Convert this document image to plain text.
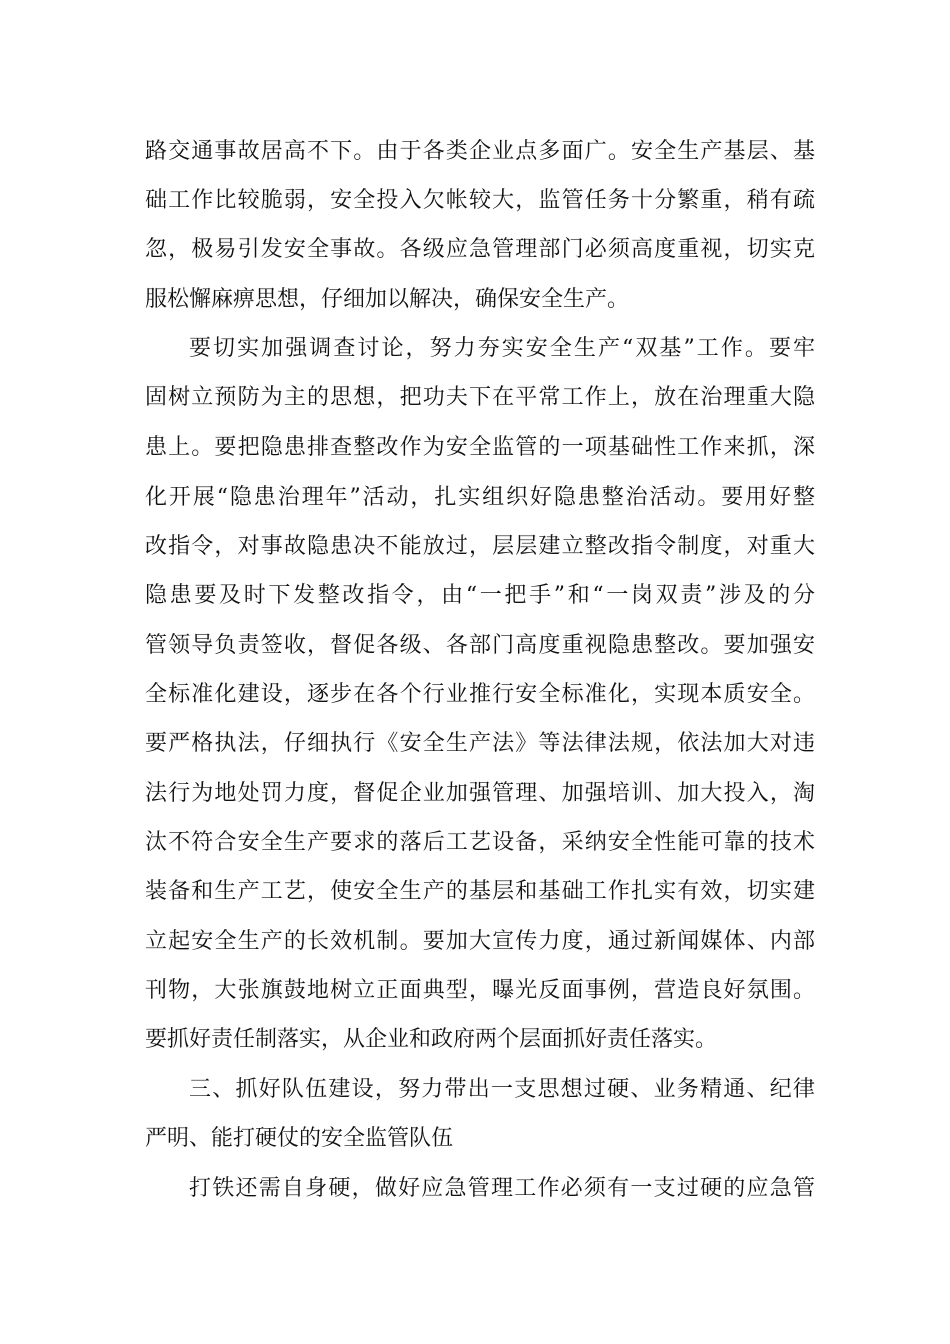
路交通事故居高不下。由于各类企业点多面广。安全生产基层、基
础工作比较脆弱，安全投入欠帐较大，监管任务十分繁重，稍有疏
忽，极易引发安全事故。各级应急管理部门必须高度重视，切实克
服松懈麻痹思想，仔细加以解决，确保安全生产。
要切实加强调查讨论，努力夯实安全生产“双基”工作。要牢
固树立预防为主的思想，把功夫下在平常工作上，放在治理重大隐
患上。要把隐患排查整改作为安全监管的一项基础性工作来抓，深
化开展“隐患治理年”活动，扎实组织好隐患整治活动。要用好整
改指令，对事故隐患决不能放过，层层建立整改指令制度，对重大
隐患要及时下发整改指令，由“一把手”和“一岗双责”涉及的分
管领导负责签收，督促各级、各部门高度重视隐患整改。要加强安
全标准化建设，逐步在各个行业推行安全标准化，实现本质安全。
要严格执法，仔细执行《安全生产法》等法律法规，依法加大对违
法行为地处罚力度，督促企业加强管理、加强培训、加大投入，淘
汰不符合安全生产要求的落后工艺设备，采纳安全性能可靠的技术
装备和生产工艺，使安全生产的基层和基础工作扎实有效，切实建
立起安全生产的长效机制。要加大宣传力度，通过新闻媒体、内部
刊物，大张旗鼓地树立正面典型，曝光反面事例，营造良好氛围。
要抓好责任制落实，从企业和政府两个层面抓好责任落实。
三、抓好队伍建设，努力带出一支思想过硬、业务精通、纪律
严明、能打硬仗的安全监管队伍
打铁还需自身硬，做好应急管理工作必须有一支过硬的应急管
